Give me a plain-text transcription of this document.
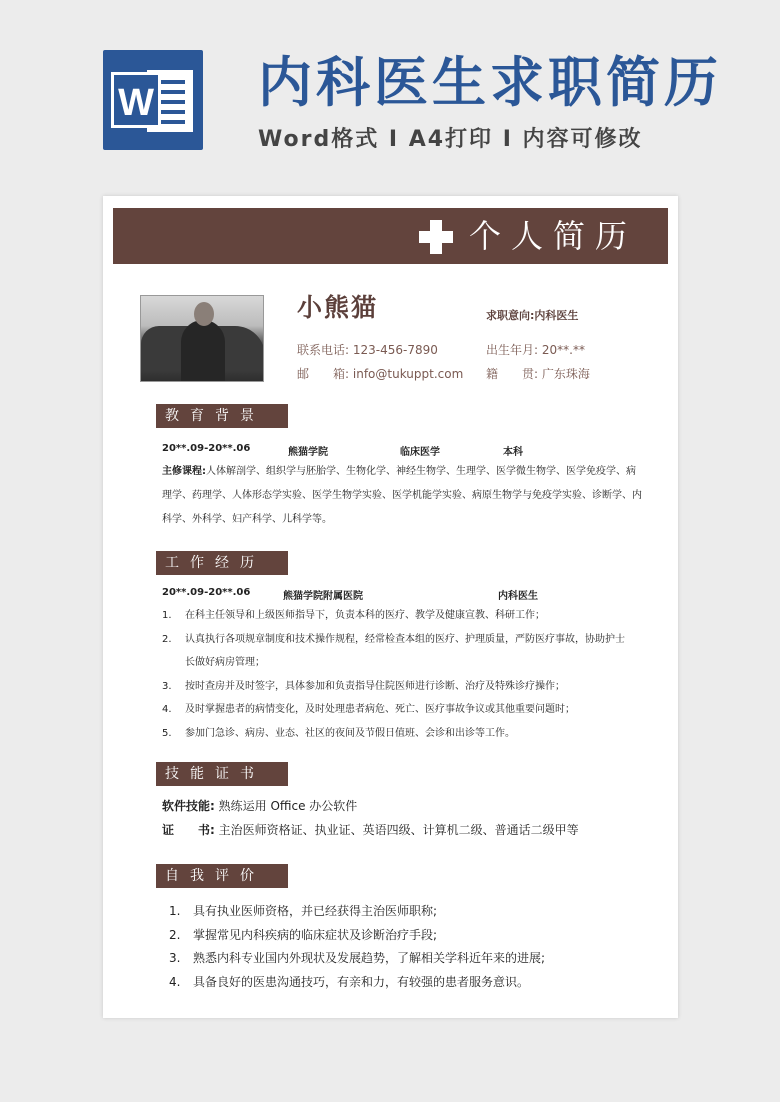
W 内科医生求职简历
Word格式 I A4打印 I 内容可修改
个人简历
小熊猫	求职意向:内科医生
联系电话: 123-456-7890
邮　　箱: info@tukuppt.com
出生年月: 20**.**
籍　　贯: 广东珠海
教育背景
20**.09-20**.06	熊猫学院	临床医学	本科
主修课程:人体解剖学、组织学与胚胎学、生物化学、神经生物学、生理学、医学微生物学、医学免疫学、病理学、药理学、人体形态学实验、医学生物学实验、医学机能学实验、病原生物学与免疫学实验、诊断学、内科学、外科学、妇产科学、儿科学等。
工作经历
20**.09-20**.06	熊猫学院附属医院	内科医生
1. 在科主任领导和上级医师指导下，负责本科的医疗、教学及健康宣教、科研工作；
2. 认真执行各项规章制度和技术操作规程，经常检查本组的医疗、护理质量，严防医疗事故，协助护士长做好病房管理；
3. 按时查房并及时签字，具体参加和负责指导住院医师进行诊断、治疗及特殊诊疗操作；
4. 及时掌握患者的病情变化，及时处理患者病危、死亡、医疗事故争议或其他重要问题时；
5. 参加门急诊、病房、业态、社区的夜间及节假日值班、会诊和出诊等工作。
技能证书
软件技能: 熟练运用 Office 办公软件
证　　书: 主治医师资格证、执业证、英语四级、计算机二级、普通话二级甲等
自我评价
1. 具有执业医师资格，并已经获得主治医师职称;
2. 掌握常见内科疾病的临床症状及诊断治疗手段;
3. 熟悉内科专业国内外现状及发展趋势，了解相关学科近年来的进展;
4. 具备良好的医患沟通技巧，有亲和力，有较强的患者服务意识。
